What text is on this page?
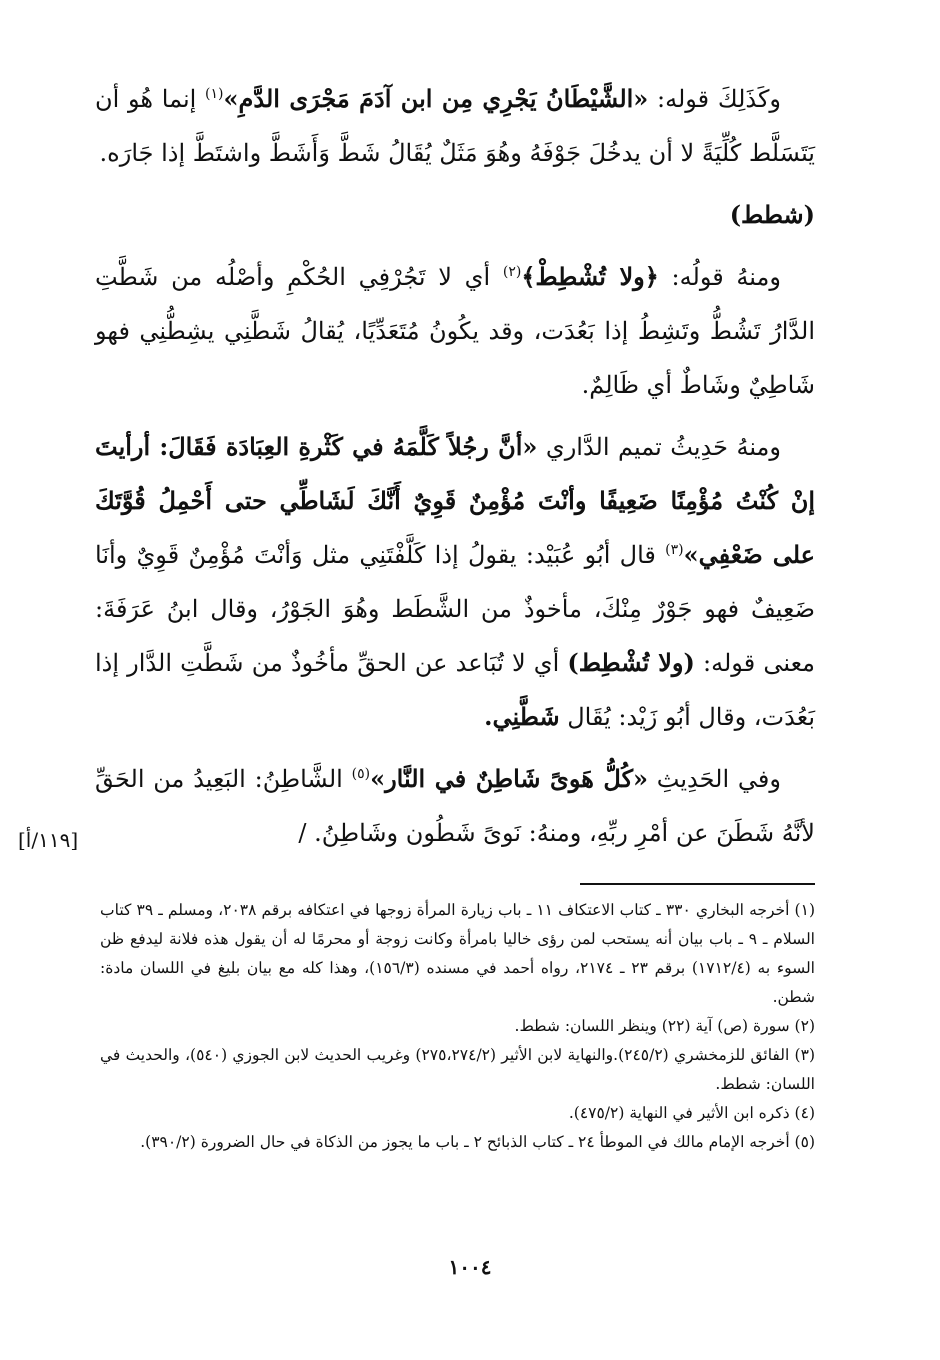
وكَذَلِكَ قوله: «الشَّيْطَانُ يَجْرِي مِن ابن آدَمَ مَجْرَى الدَّمِ»$^{(١)}$ إنما هُو أن يَتَسَلَّط كُلِّيَةً لا أن يدخُلَ جَوْفَهُ وهُوَ مَثَلٌ يُقَالُ شَطَّ وَأَشَطَّ واشتَطَّ إذا جَارَه.

(شطط)

ومنهُ قولُه: ﴿ولا تُشْطِطْ﴾$^{(٢)}$ أي لا تَجُرْفِي الحُكْمِ وأصْلُه من شَطَّتِ الدَّارُ تَشُطُّ وتَشِطُ إذا بَعُدَت، وقد يكُونُ مُتَعَدِّيًا، يُقالُ شَطَّنِي يشِطُّنِي فهو شَاطِيٌ وشَاطٌ أي ظَالِمٌ.

ومنهُ حَدِيثُ تميم الدَّاري «أنَّ رجُلاً كَلَّمَهُ في كَثْرةِ العِبَادَة فَقَالَ: أرأيتَ إنْ كُنْتُ مُؤْمِنًا ضَعِيفًا وأنْتَ مُؤْمِنٌ قَوِيٌ أَنَّكَ لَشَاطِّي حتى أَحْمِلُ قُوَّتَكَ على ضَعْفِي»$^{(٣)}$ قال أبُو عُبَيْد: يقولُ إذا كَلَّفْتَنِي مثل وَأنْتَ مُؤْمِنٌ قَوِيٌ وأنَا ضَعِيفٌ فهو جَوْرٌ مِنْكَ، مأخوذٌ من الشَّطَط وهُوَ الجَوْرُ، وقال ابنُ عَرَفَةَ: معنى قوله: (ولا تُشْطِط) أي لا تُبَاعد عن الحقِّ مأخُوذٌ من شَطَّتِ الدَّار إذا بَعُدَت، وقال أبُو زَيْد: يُقَال شَطَّنِي.

وفي الحَدِيثِ «كُلُّ هَوىً شَاطِنٌ في النَّار»$^{(٥)}$ الشَّاطِنُ: البَعِيدُ من الحَقِّ لأنَّهُ شَطَنَ عن أمْرِ ربِّهِ، ومنهُ: نَوىً شَطُون وشَاطِنُ. /

[١١٩/أ]

(١) أخرجه البخاري ٣٣٠ ـ كتاب الاعتكاف ١١ ـ باب زيارة المرأة زوجها في اعتكافه برقم ٢٠٣٨، ومسلم ـ ٣٩ كتاب السلام ـ ٩ ـ باب بيان أنه يستحب لمن رؤى خاليا بامرأة وكانت زوجة أو محرمًا له أن يقول هذه فلانة ليدفع ظن السوء به (١٧١٢/٤) برقم ٢٣ ـ ٢١٧٤، رواه أحمد في مسنده (١٥٦/٣)، وهذا كله مع بيان بليغ في اللسان مادة: شطن.

(٢) سورة (ص) آية (٢٢) وينظر اللسان: شطط.

(٣) الفائق للزمخشري (٢٤٥/٢).والنهاية لابن الأثير (٢٧٥،٢٧٤/٢) وغريب الحديث لابن الجوزي (٥٤٠)، والحديث في اللسان: شطط.

(٤) ذكره ابن الأثير في النهاية (٤٧٥/٢).

(٥) أخرجه الإمام مالك في الموطأ ٢٤ ـ كتاب الذبائح ٢ ـ باب ما يجوز من الذكاة في حال الضرورة (٣٩٠/٢).

١٠٠٤
